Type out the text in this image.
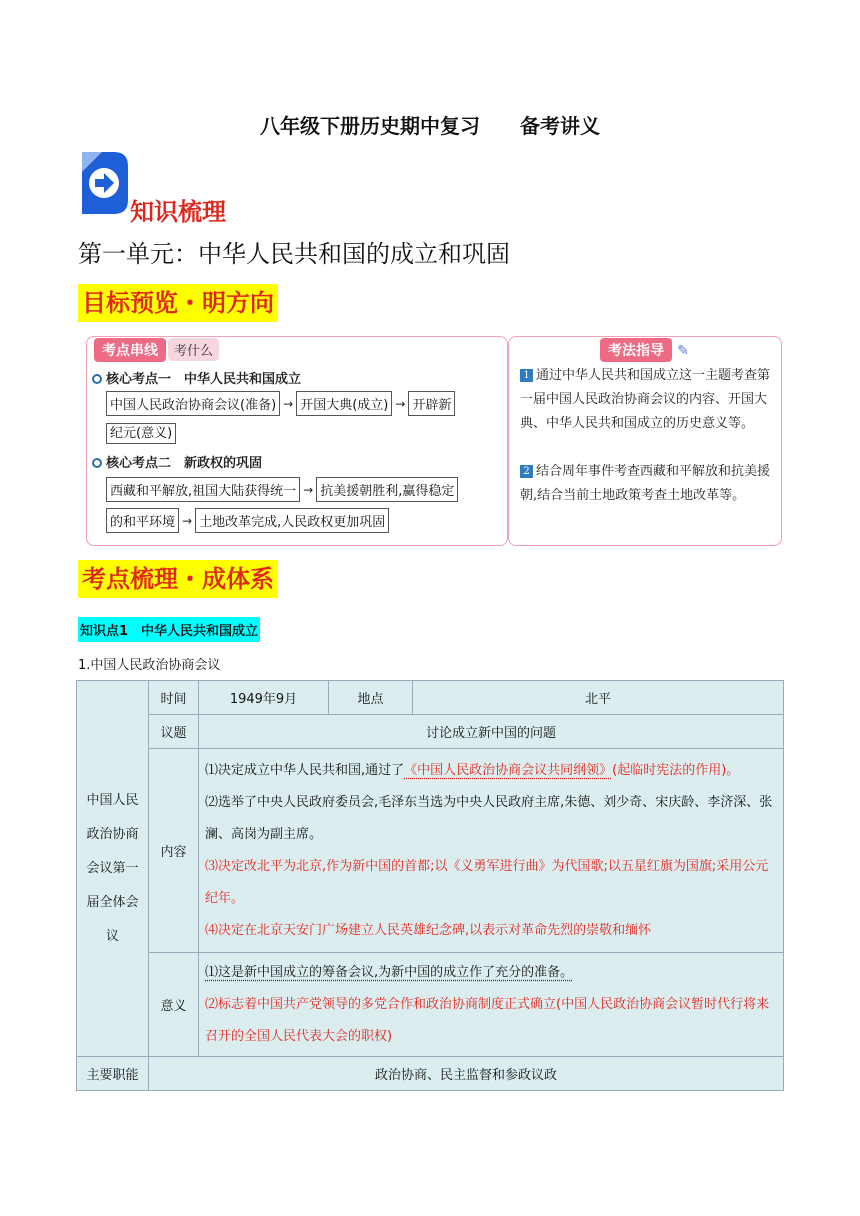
八年级下册历史期中复习　　备考讲义
知识梳理
第一单元：中华人民共和国的成立和巩固
目标预览・明方向
考点串线 考什么
核心考点一　中华人民共和国成立
中国人民政治协商会议(准备) → 开国大典(成立) → 开辟新
纪元(意义)
核心考点二　新政权的巩固
西藏和平解放,祖国大陆获得统一 → 抗美援朝胜利,赢得稳定
的和平环境 → 土地改革完成,人民政权更加巩固
考法指导 ✎
1 通过中华人民共和国成立这一主题考查第一届中国人民政治协商会议的内容、开国大典、中华人民共和国成立的历史意义等。
2 结合周年事件考查西藏和平解放和抗美援朝,结合当前土地政策考查土地改革等。
考点梳理・成体系
知识点1　中华人民共和国成立
1.中国人民政治协商会议
中国人民政治协商会议第一届全体会议	时间	1949年9月	地点	北平
	议题	讨论成立新中国的问题		
	内容	⑴决定成立中华人民共和国,通过了《中国人民政治协商会议共同纲领》(起临时宪法的作用)。
⑵选举了中央人民政府委员会,毛泽东当选为中央人民政府主席,朱德、刘少奇、宋庆龄、李济深、张澜、高岗为副主席。
⑶决定改北平为北京,作为新中国的首都;以《义勇军进行曲》为代国歌;以五星红旗为国旗;采用公元纪年。
⑷决定在北京天安门广场建立人民英雄纪念碑,以表示对革命先烈的崇敬和缅怀		

	意义	⑴这是新中国成立的筹备会议,为新中国的成立作了充分的准备。
⑵标志着中国共产党领导的多党合作和政治协商制度正式确立(中国人民政治协商会议暂时代行将来召开的全国人民代表大会的职权)		

主要职能	政治协商、民主监督和参政议政			
